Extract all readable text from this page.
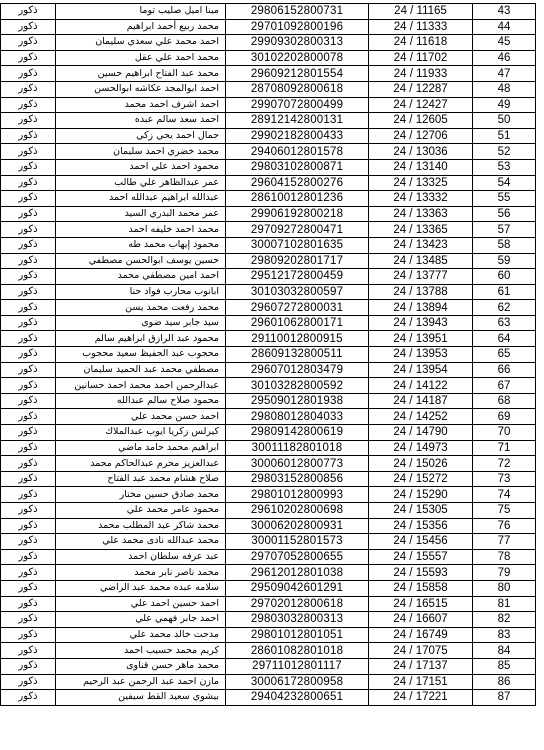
ذكور	مينا اميل صليب توما	29806152800731	24 / 11165	43
ذكور	محمد ربيع أحمد ابراهيم	29701092800196	24 / 11333	44
ذكور	احمد محمد علي سعدي سليمان	29909302800313	24 / 11618	45
ذكور	محمد احمد علي عقل	30102202800078	24 / 11702	46
ذكور	محمد عبد الفتاح ابراهيم حسين	29609212801554	24 / 11933	47
ذكور	احمد ابوالمجد عكاشه ابوالحسن	28708092800618	24 / 12287	48
ذكور	احمد اشرف احمد محمد	29907072800499	24 / 12427	49
ذكور	احمد سعد سالم عبده	28912142800131	24 / 12605	50
ذكور	جمال احمد يحي زكي	29902182800433	24 / 12706	51
ذكور	محمد خضري احمد سليمان	29406012801578	24 / 13036	52
ذكور	محمود احمد علي احمد	29803102800871	24 / 13140	53
ذكور	عمر عبدالظاهر علي طالب	29604152800276	24 / 13325	54
ذكور	عبدالله ابراهيم عبدالله احمد	28610012801236	24 / 13332	55
ذكور	عمر محمد البدري السيد	29906192800218	24 / 13363	56
ذكور	محمد احمد خليفه احمد	29709272800471	24 / 13365	57
ذكور	محمود إيهاب محمد طه	30007102801635	24 / 13423	58
ذكور	حسين يوسف ابوالحسن مصطفي	29809202801717	24 / 13485	59
ذكور	احمد امين مصطفي محمد	29512172800459	24 / 13777	60
ذكور	ابانوب محارب فواد حنا	30103032800597	24 / 13788	61
ذكور	محمد رفعت محمد يسن	29607272800031	24 / 13894	62
ذكور	سيد جابر سيد ضوى	29601062800171	24 / 13943	63
ذكور	محمود عبد الرازق ابراهيم سالم	29110012800915	24 / 13951	64
ذكور	محجوب عبد الحفيظ سعيد محجوب	28609132800511	24 / 13953	65
ذكور	مصطفي محمد عبد الحميد سليمان	29607012803479	24 / 13954	66
ذكور	عبدالرحمن احمد محمد احمد حسانين	30103282800592	24 / 14122	67
ذكور	محمود صلاح سالم عبدالله	29509012801938	24 / 14187	68
ذكور	احمد حسن محمد علي	29808012804033	24 / 14252	69
ذكور	كيرلس زكريا ايوب عبدالملاك	29809142800619	24 / 14790	70
ذكور	ابراهيم محمد حامد ماضي	30011182801018	24 / 14973	71
ذكور	عبدالعزيز محرم عبدالحاكم محمد	30006012800773	24 / 15026	72
ذكور	صلاح هشام محمد عبد الفتاح	29803152800856	24 / 15272	73
ذكور	محمد صادق حسين مختار	29801012800993	24 / 15290	74
ذكور	محمود عامر محمد علي	29610202800698	24 / 15305	75
ذكور	محمد شاكر عبد المطلب محمد	30006202800931	24 / 15356	76
ذكور	محمد عبدالله نادى محمد علي	30001152801573	24 / 15456	77
ذكور	عبد عرفه سلطان احمد	29707052800655	24 / 15557	78
ذكور	محمد ناصر نابر محمد	29612012801038	24 / 15593	79
ذكور	سلامه عبده محمد عبد الراضي	29509042601291	24 / 15858	80
ذكور	احمد حسين احمد علي	29702012800618	24 / 16515	81
ذكور	احمد جابر فهمي علي	29803032800313	24 / 16607	82
ذكور	مدحت خالد محمد علي	29801012801051	24 / 16749	83
ذكور	كريم محمد حسيب احمد	28601082801018	24 / 17075	84
ذكور	محمد ماهر حسن قناوى	29711012801117	24 / 17137	85
ذكور	مازن احمد عبد الرحمن عبد الرحيم	30006172800958	24 / 17151	86
ذكور	بيشوي سعيد القط سيفين	29404232800651	24 / 17221	87
